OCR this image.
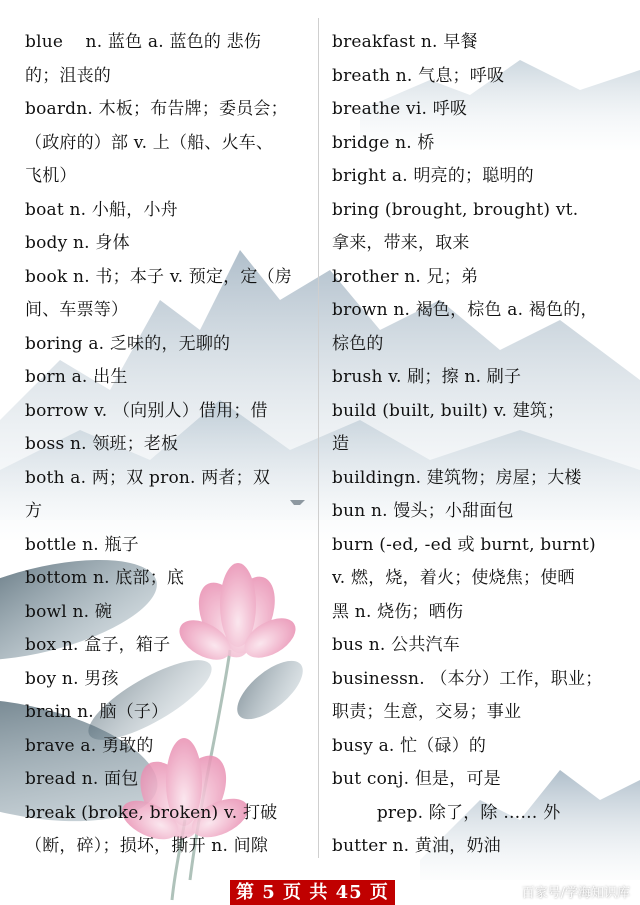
blue    n. 蓝色 a. 蓝色的 悲伤
的；沮丧的
boardn. 木板；布告牌；委员会；
（政府的）部 v. 上（船、火车、
飞机）
boat n. 小船，小舟
body n. 身体
book n. 书；本子 v. 预定，定（房
间、车票等）
boring a. 乏味的，无聊的
born a. 出生
borrow v. （向别人）借用；借
boss n. 领班；老板
both a. 两；双 pron. 两者；双
方
bottle n. 瓶子
bottom n. 底部；底
bowl n. 碗
box n. 盒子，箱子
boy n. 男孩
brain n. 脑（子）
brave a. 勇敢的
bread n. 面包
break (broke, broken) v. 打破
（断，碎）；损坏，撕开 n. 间隙
breakfast n. 早餐
breath n. 气息；呼吸
breathe vi. 呼吸
bridge n. 桥
bright a. 明亮的；聪明的
bring (brought, brought) vt.
拿来，带来，取来
brother n. 兄；弟
brown n. 褐色，棕色 a. 褐色的，
棕色的
brush v. 刷；擦 n. 刷子
build (built, built) v. 建筑；
造
buildingn. 建筑物；房屋；大楼
bun n. 馒头；小甜面包
burn (-ed, -ed 或 burnt, burnt)
v. 燃，烧，着火；使烧焦；使晒
黑 n. 烧伤；晒伤
bus n. 公共汽车
businessn. （本分）工作，职业；
职责；生意，交易；事业
busy a. 忙（碌）的
but conj. 但是，可是
prep. 除了，除 …… 外
butter n. 黄油，奶油
第 5 页 共 45 页	百家号/学海知识库
